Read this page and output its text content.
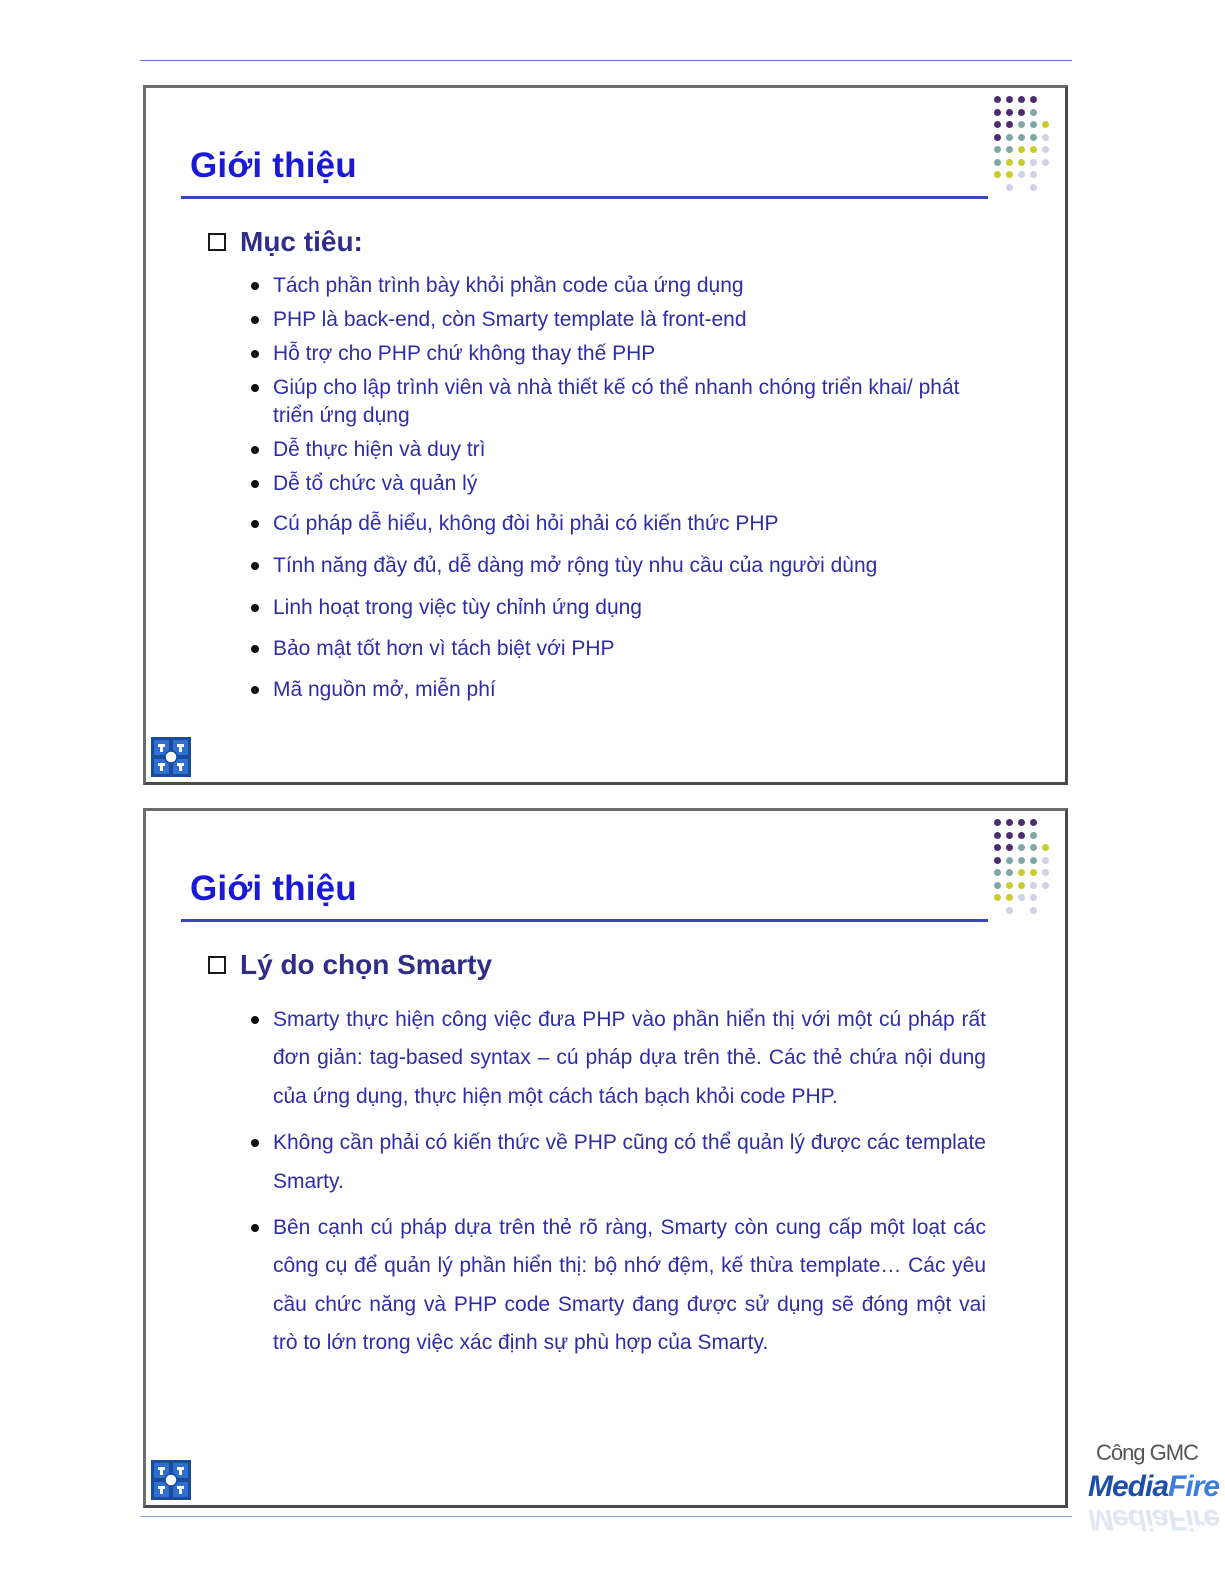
Giới thiệu
Mục tiêu:
Tách phần trình bày khỏi phần code của ứng dụng
PHP là back-end, còn Smarty template là front-end
Hỗ trợ cho PHP chứ không thay thế PHP
Giúp cho lập trình viên và nhà thiết kế có thể nhanh chóng triển khai/ phát triển ứng dụng
Dễ thực hiện và duy trì
Dễ tổ chức và quản lý
Cú pháp dễ hiểu, không đòi hỏi phải có kiến thức PHP
Tính năng đầy đủ, dễ dàng mở rộng tùy nhu cầu của người dùng
Linh hoạt trong việc tùy chỉnh ứng dụng
Bảo mật tốt hơn vì tách biệt với PHP
Mã nguồn mở, miễn phí
Giới thiệu
Lý do chọn Smarty
Smarty thực hiện công việc đưa PHP vào phần hiển thị với một cú pháp rất đơn giản: tag-based syntax – cú pháp dựa trên thẻ. Các thẻ chứa nội dung của ứng dụng, thực hiện một cách tách bạch khỏi code PHP.
Không cần phải có kiến thức về PHP cũng có thể quản lý được các template Smarty.
Bên cạnh cú pháp dựa trên thẻ rõ ràng, Smarty còn cung cấp một loạt các công cụ để quản lý phần hiển thị: bộ nhớ đệm, kế thừa template… Các yêu cầu chức năng và PHP code Smarty đang được sử dụng sẽ đóng một vai trò to lớn trong việc xác định sự phù hợp của Smarty.
Công GMC
MediaFire
MediaFire
